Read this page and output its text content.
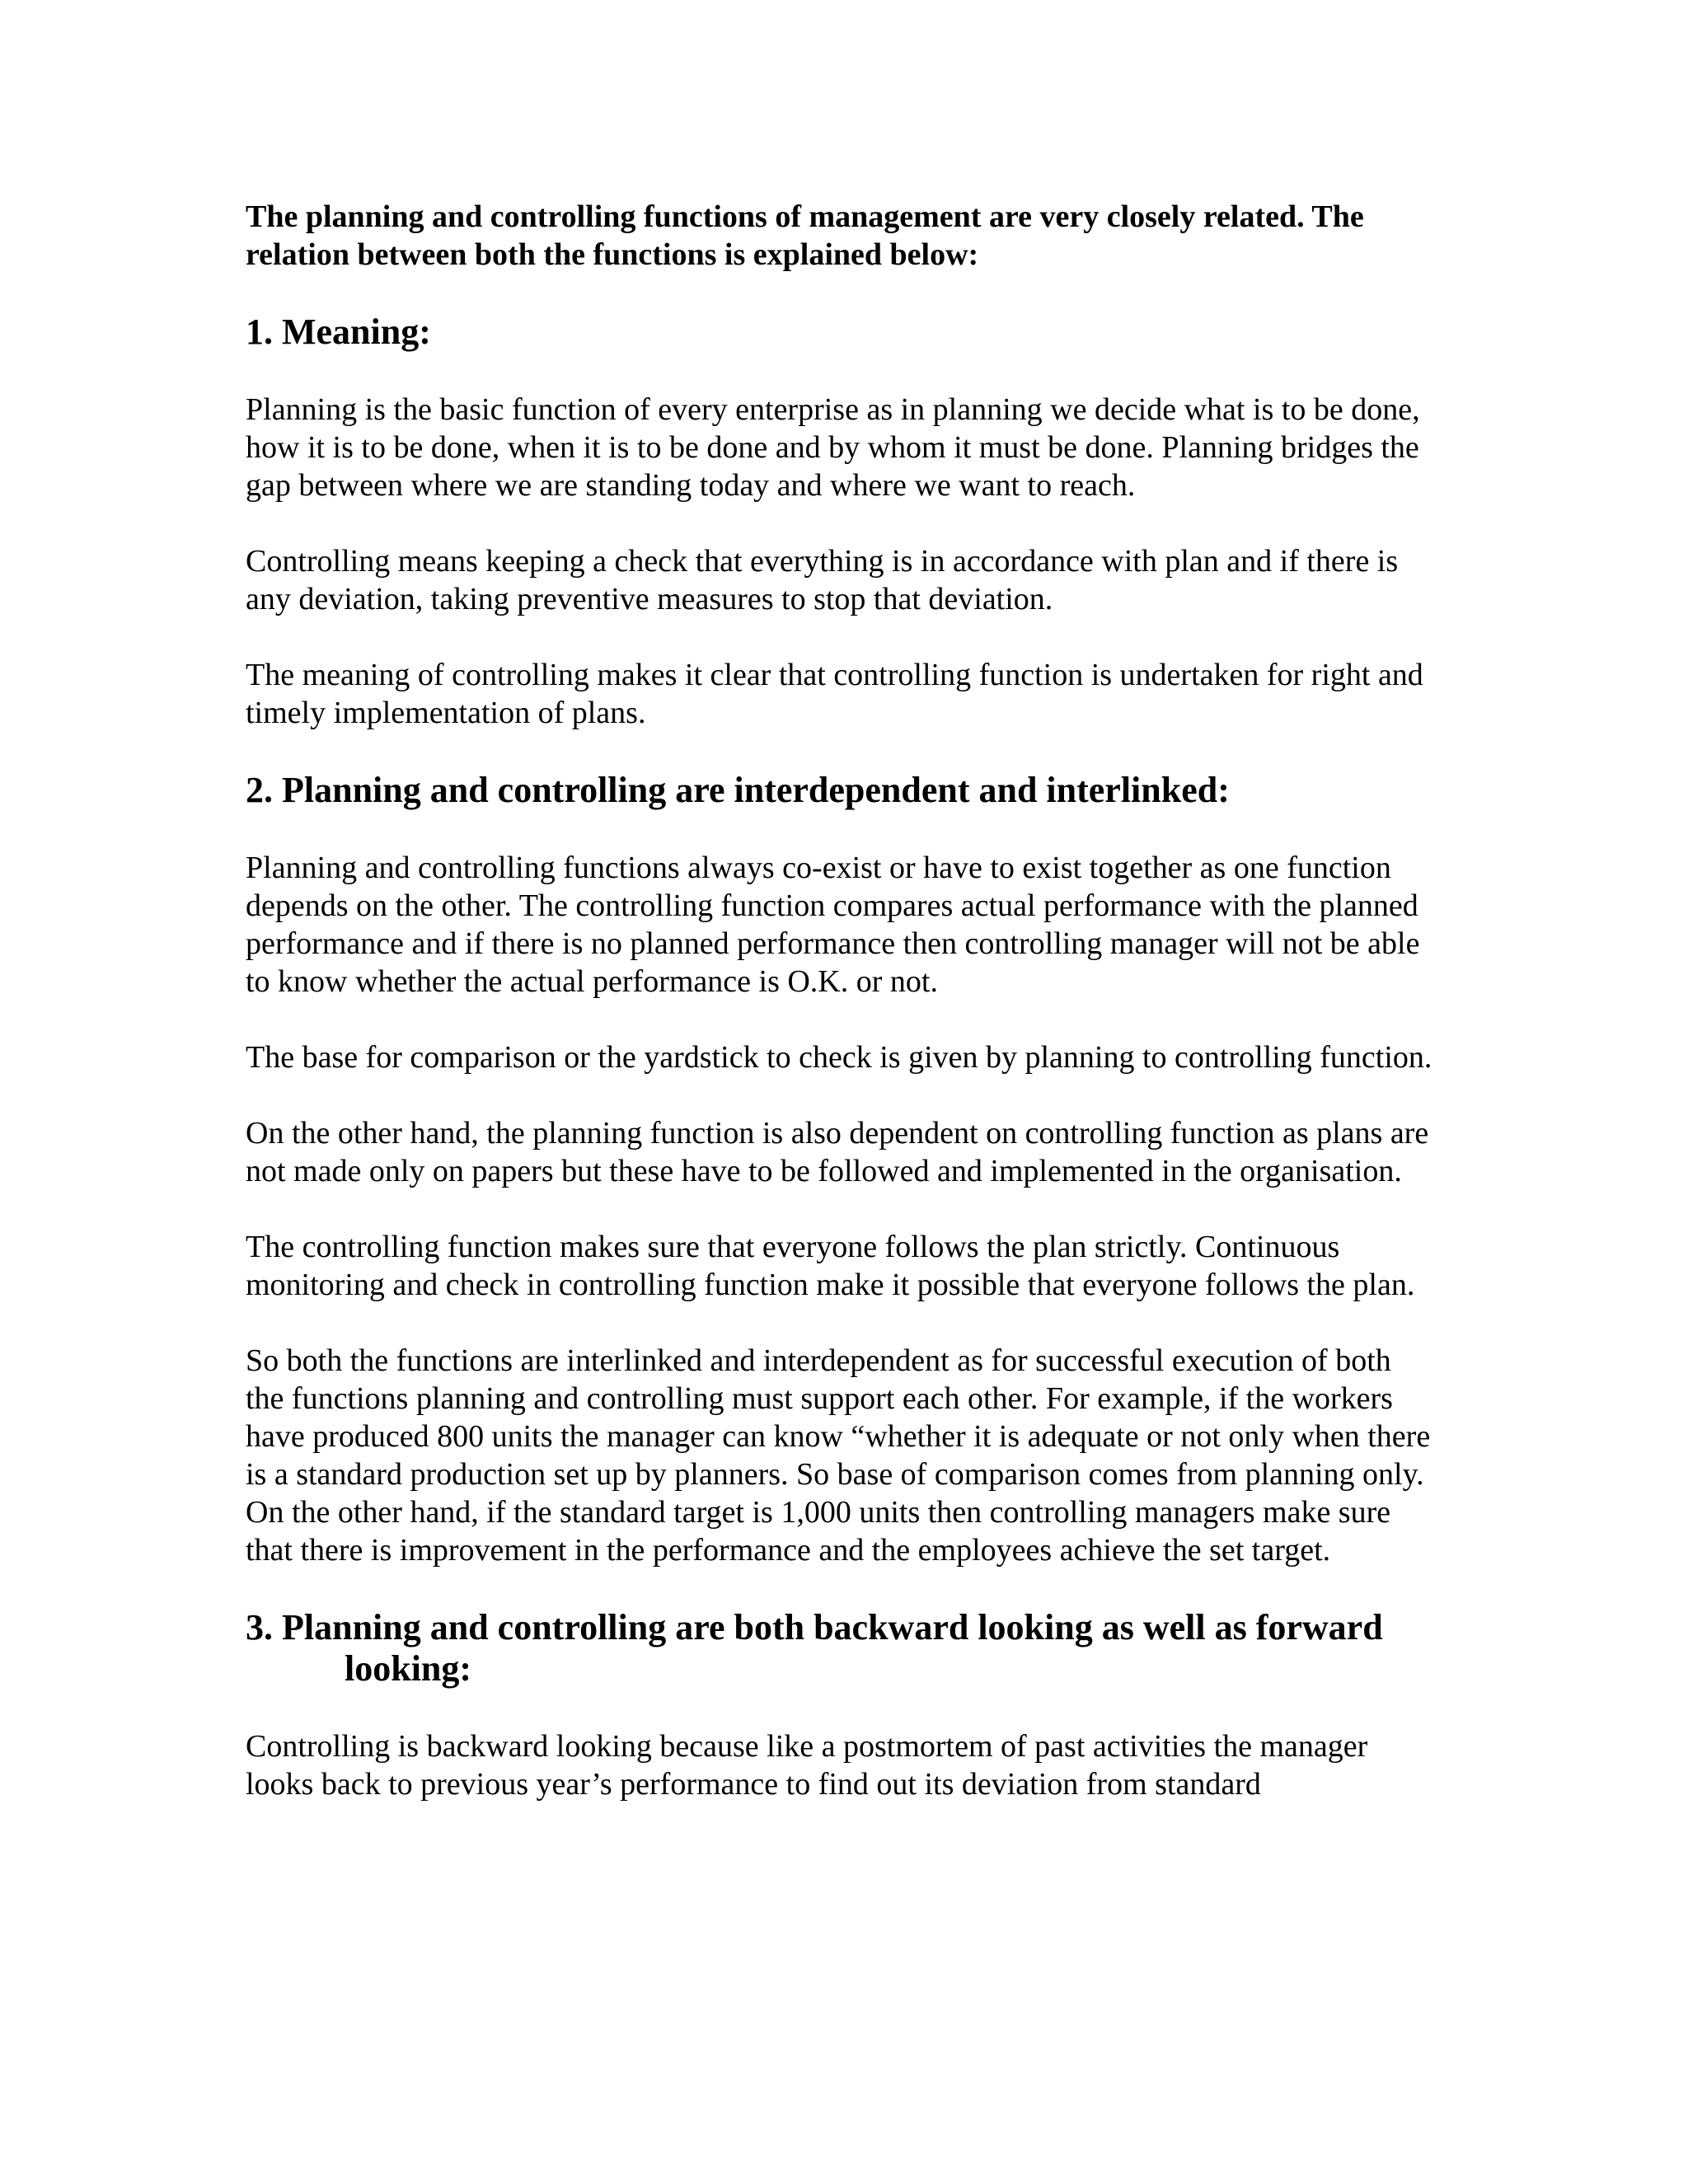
The planning and controlling functions of management are very closely related. The relation between both the functions is explained below:

1. Meaning:

Planning is the basic function of every enterprise as in planning we decide what is to be done, how it is to be done, when it is to be done and by whom it must be done. Planning bridges the gap between where we are standing today and where we want to reach.

Controlling means keeping a check that everything is in accordance with plan and if there is any deviation, taking preventive measures to stop that deviation.

The meaning of controlling makes it clear that controlling function is undertaken for right and timely implementation of plans.

2. Planning and controlling are interdependent and interlinked:

Planning and controlling functions always co-exist or have to exist together as one function depends on the other. The controlling function compares actual performance with the planned performance and if there is no planned performance then controlling manager will not be able to know whether the actual performance is O.K. or not.

The base for comparison or the yardstick to check is given by planning to controlling function.

On the other hand, the planning function is also dependent on controlling function as plans are not made only on papers but these have to be followed and implemented in the organisation.

The controlling function makes sure that everyone follows the plan strictly. Continuous monitoring and check in controlling function make it possible that everyone follows the plan.

So both the functions are interlinked and interdependent as for successful execution of both the functions planning and controlling must support each other. For example, if the workers have produced 800 units the manager can know “whether it is adequate or not only when there is a standard production set up by planners. So base of comparison comes from planning only. On the other hand, if the standard target is 1,000 units then controlling managers make sure that there is improvement in the performance and the employees achieve the set target.

3. Planning and controlling are both backward looking as well as forward looking:

Controlling is backward looking because like a postmortem of past activities the manager looks back to previous year’s performance to find out its deviation from standard
